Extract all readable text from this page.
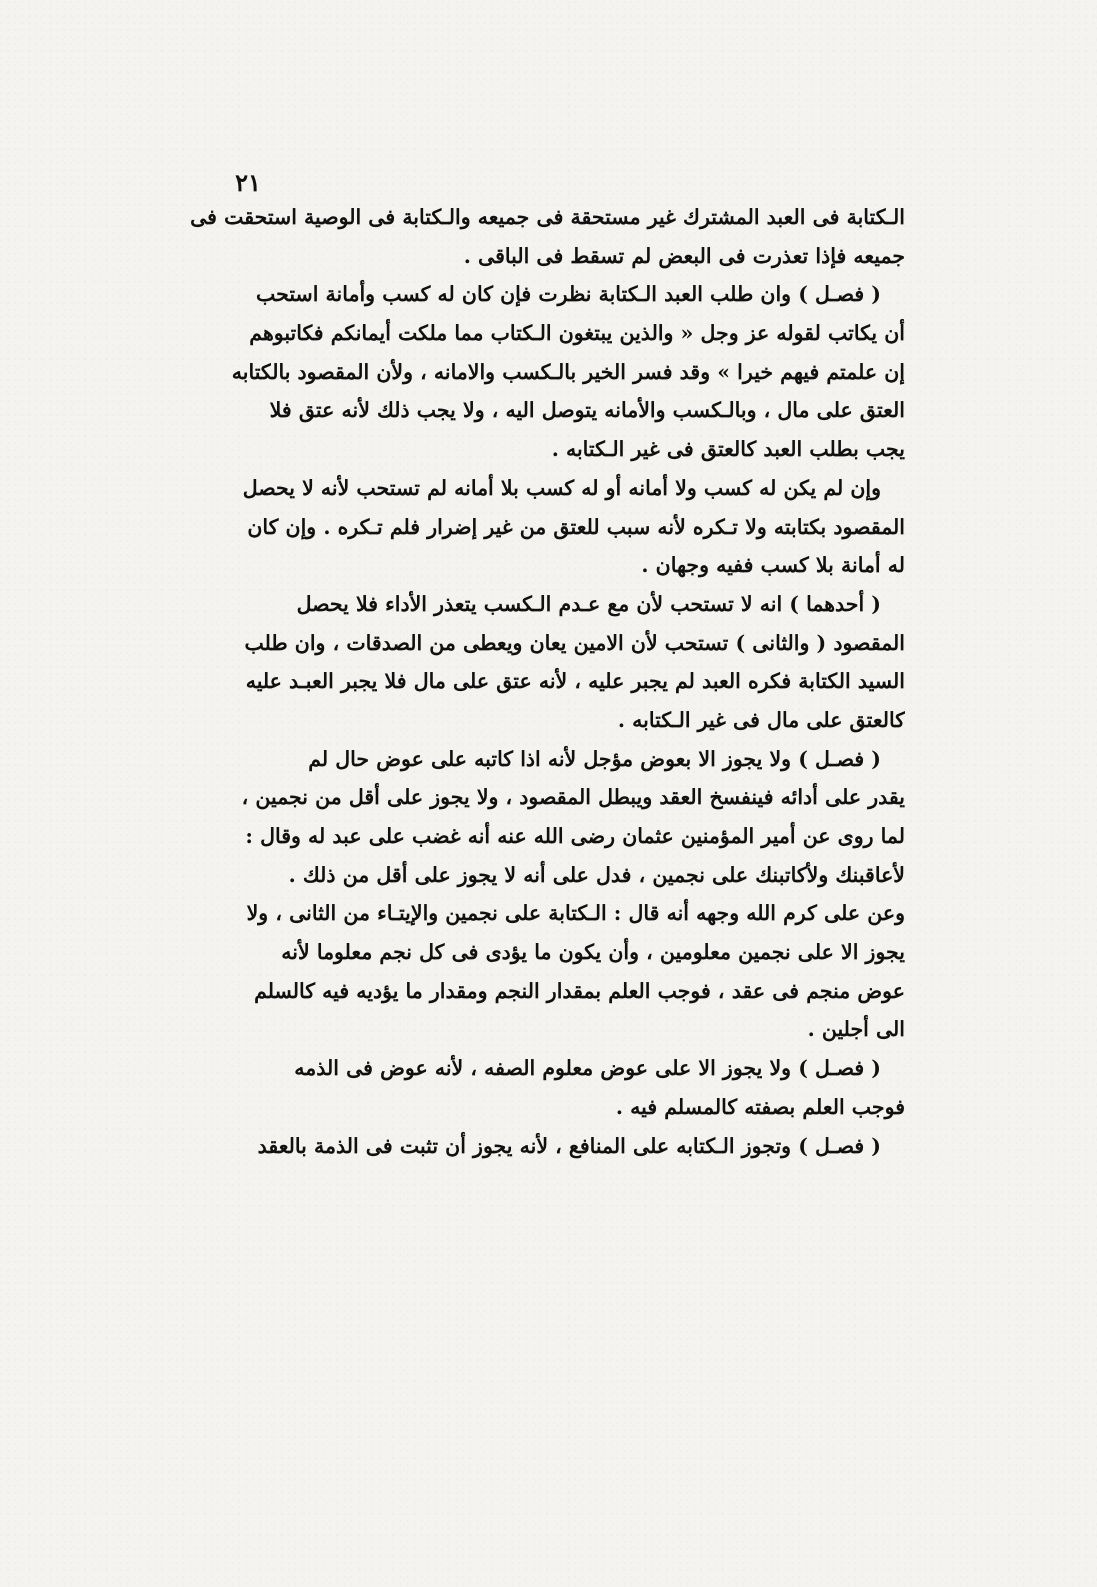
٢١
الـكتابة فى العبد المشترك غير مستحقة فى جميعه والـكتابة فى الوصية استحقت فى
جميعه فإذا تعذرت فى البعض لم تسقط فى الباقى .
( فصـل ) وان طلب العبد الـكتابة نظرت فإن كان له كسب وأمانة استحب
أن يكاتب لقوله عز وجل « والذين يبتغون الـكتاب مما ملكت أيمانكم فكاتبوهم
إن علمتم فيهم خيرا » وقد فسر الخير بالـكسب والامانه ، ولأن المقصود بالكتابه
العتق على مال ، وبالـكسب والأمانه يتوصل اليه ، ولا يجب ذلك لأنه عتق فلا
يجب بطلب العبد كالعتق فى غير الـكتابه .
وإن لم يكن له كسب ولا أمانه أو له كسب بلا أمانه لم تستحب لأنه لا يحصل
المقصود بكتابته ولا تـكره لأنه سبب للعتق من غير إضرار فلم تـكره . وإن كان
له أمانة بلا كسب ففيه وجهان .
( أحدهما ) انه لا تستحب لأن مع عـدم الـكسب يتعذر الأداء فلا يحصل
المقصود ( والثانى ) تستحب لأن الامين يعان ويعطى من الصدقات ، وان طلب
السيد الكتابة فكره العبد لم يجبر عليه ، لأنه عتق على مال فلا يجبر العبـد عليه
كالعتق على مال فى غير الـكتابه .
( فصـل ) ولا يجوز الا بعوض مؤجل لأنه اذا كاتبه على عوض حال لم
يقدر على أدائه فينفسخ العقد ويبطل المقصود ، ولا يجوز على أقل من نجمين ،
لما روى عن أمير المؤمنين عثمان رضى الله عنه أنه غضب على عبد له وقال :
لأعاقبنك ولأكاتبنك على نجمين ، فدل على أنه لا يجوز على أقل من ذلك .
وعن على كرم الله وجهه أنه قال : الـكتابة على نجمين والإيتـاء من الثانى ، ولا
يجوز الا على نجمين معلومين ، وأن يكون ما يؤدى فى كل نجم معلوما لأنه
عوض منجم فى عقد ، فوجب العلم بمقدار النجم ومقدار ما يؤديه فيه كالسلم
الى أجلين .
( فصـل ) ولا يجوز الا على عوض معلوم الصفه ، لأنه عوض فى الذمه
فوجب العلم بصفته كالمسلم فيه .
( فصـل ) وتجوز الـكتابه على المنافع ، لأنه يجوز أن تثبت فى الذمة بالعقد
